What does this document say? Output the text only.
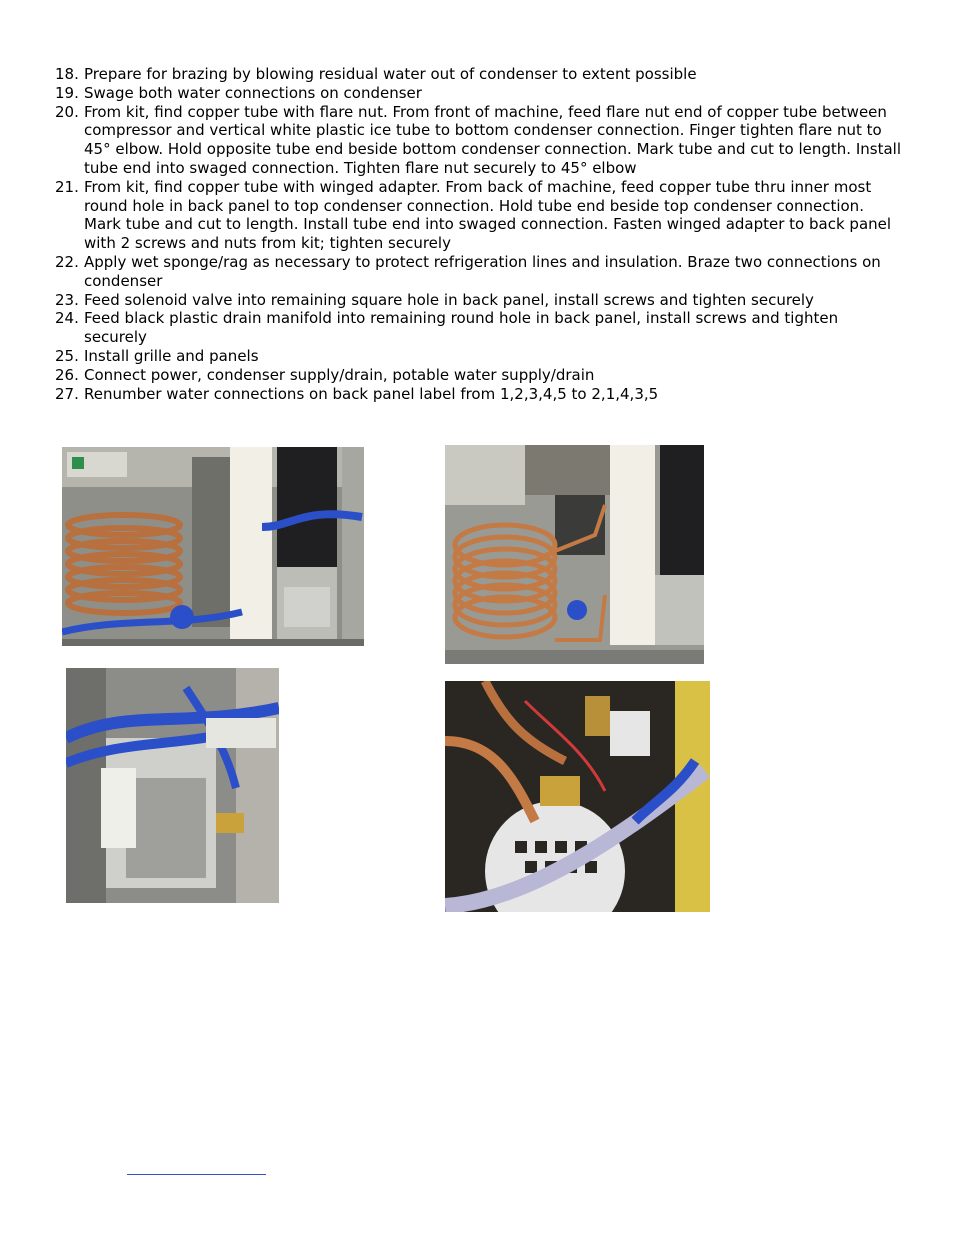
18. Prepare for brazing by blowing residual water out of condenser to extent possible
19. Swage both water connections on condenser
20. From kit, find copper tube with flare nut. From front of machine, feed flare nut end of copper tube between compressor and vertical white plastic ice tube to bottom condenser connection. Finger tighten flare nut to 45° elbow. Hold opposite tube end beside bottom condenser connection. Mark tube and cut to length. Install tube end into swaged connection. Tighten flare nut securely to 45° elbow
21. From kit, find copper tube with winged adapter. From back of machine, feed copper tube thru inner most round hole in back panel to top condenser connection. Hold tube end beside top condenser connection. Mark tube and cut to length. Install tube end into swaged connection. Fasten winged adapter to back panel with 2 screws and nuts from kit; tighten securely
22. Apply wet sponge/rag as necessary to protect refrigeration lines and insulation. Braze two connections on condenser
23. Feed solenoid valve into remaining square hole in back panel, install screws and tighten securely
24. Feed black plastic drain manifold into remaining round hole in back panel, install screws and tighten securely
25. Install grille and panels
26. Connect power, condenser supply/drain, potable water supply/drain
27. Renumber water connections on back panel label from 1,2,3,4,5 to 2,1,4,3,5
